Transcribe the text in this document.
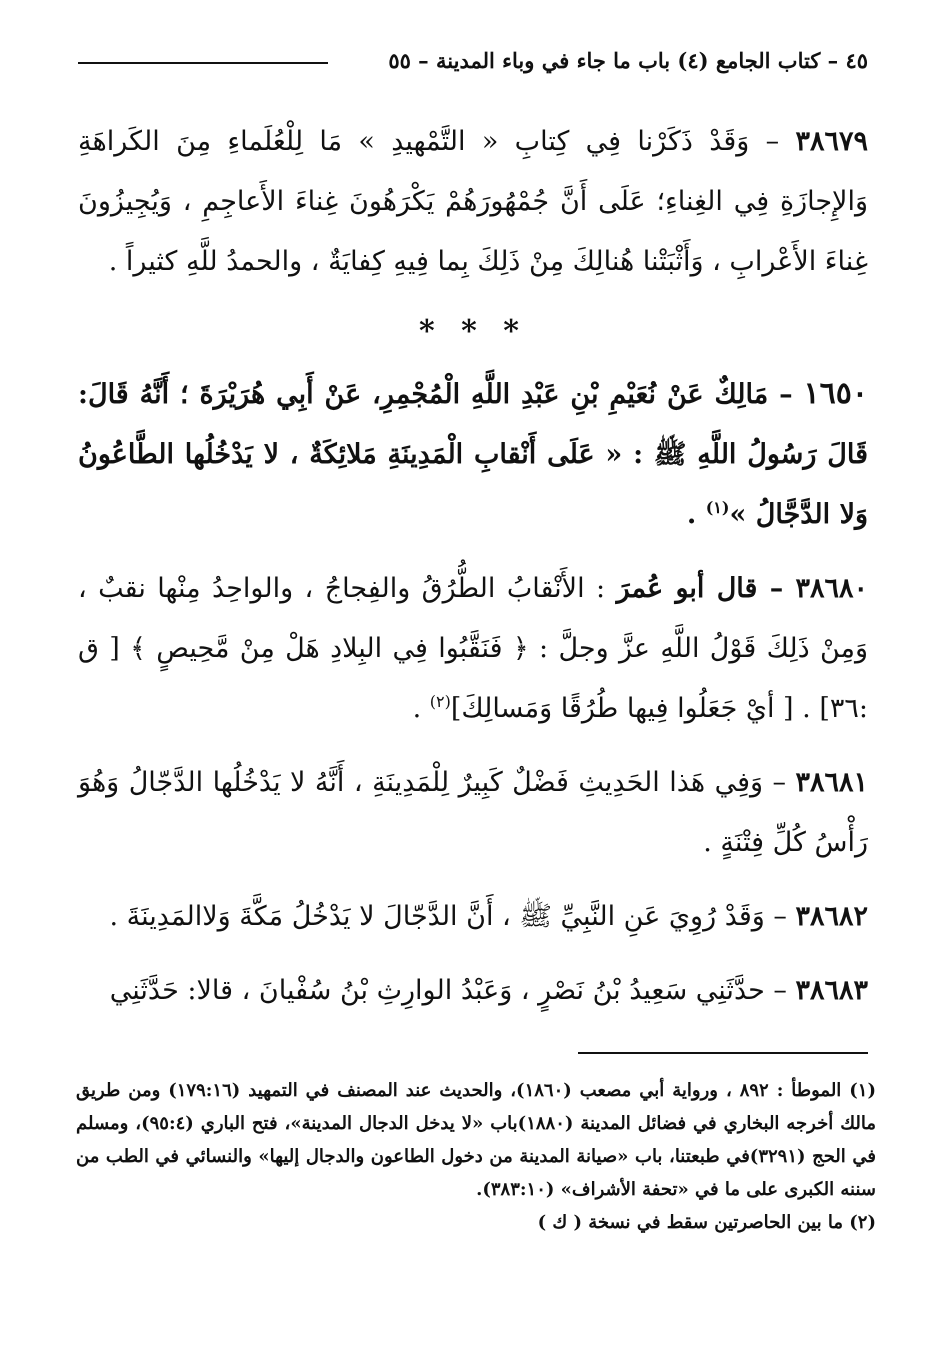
٤٥ – كتاب الجامع (٤) باب ما جاء في وباء المدينة – ٥٥

٣٨٦٧٩ – وَقَدْ ذَكَرْنا فِي كِتابِ « التَّمْهيدِ » مَا لِلْعُلَماءِ مِنَ الكَراهَةِ وَالإِجازَةِ فِي الغِناءِ؛ عَلَى أَنَّ جُمْهُورَهُمْ يَكْرَهُونَ غِناءَ الأَعاجِمِ ، وَيُجِيزُونَ غِناءَ الأَعْرابِ ، وَأَثْبَتْنا هُنالِكَ مِنْ ذَلِكَ بِما فِيهِ كِفايَةٌ ، والحمدُ للَّهِ كثيراً .

* * *

١٦٥٠ – مَالِكٌ عَنْ نُعَيْمِ بْنِ عَبْدِ اللَّهِ الْمُجْمِرِ، عَنْ أَبِي هُرَيْرَةَ ؛ أَنَّهُ قَالَ: قَالَ رَسُولُ اللَّهِ ﷺ : « عَلَى أَنْقابِ الْمَدِينَةِ مَلائِكَةٌ ، لا يَدْخُلُها الطَّاعُونُ وَلا الدَّجَّالُ »$^{(١)}$ .

٣٨٦٨٠ – قال أبو عُمرَ : الأَنْقابُ الطُّرُقُ والفِجاجُ ، والواحِدُ مِنْها نقبٌ ، وَمِنْ ذَلِكَ قَوْلُ اللَّهِ عزَّ وجلَّ : ﴿ فَنَقَّبُوا فِي البِلادِ هَلْ مِنْ مَّحِيصٍ ﴾ [ ق :٣٦] . [ أيْ جَعَلُوا فِيها طُرُقًا وَمَسالِكَ]$^{(٢)}$ .

٣٨٦٨١ – وَفِي هَذا الحَدِيثِ فَضْلٌ كَبِيرٌ لِلْمَدِينَةِ ، أَنَّهُ لا يَدْخُلُها الدَّجّالُ وَهُوَ رَأْسُ كُلِّ فِتْنَةٍ .

٣٨٦٨٢ – وَقَدْ رُوِيَ عَنِ النَّبِيِّ ﷺ ، أَنَّ الدَّجّالَ لا يَدْخُلُ مَكَّةَ وَلاالمَدِينَةَ .

٣٨٦٨٣ – حدَّثَنِي سَعِيدُ بْنُ نَصْرٍ ، وَعَبْدُ الوارِثِ بْنُ سُفْيانَ ، قالا: حَدَّثَنِي

(١) الموطأ : ٨٩٢ ، ورواية أبي مصعب (١٨٦٠)، والحديث عند المصنف في التمهيد (١٧٩:١٦) ومن طريق مالك أخرجه البخاري في فضائل المدينة (١٨٨٠)باب «لا يدخل الدجال المدينة»، فتح الباري (٩٥:٤)، ومسلم في الحج (٣٢٩١)في طبعتنا، باب «صيانة المدينة من دخول الطاعون والدجال إليها» والنسائي في الطب من سننه الكبرى على ما في «تحفة الأشراف» (٣٨٣:١٠).

(٢) ما بين الحاصرتين سقط في نسخة ( ك )
